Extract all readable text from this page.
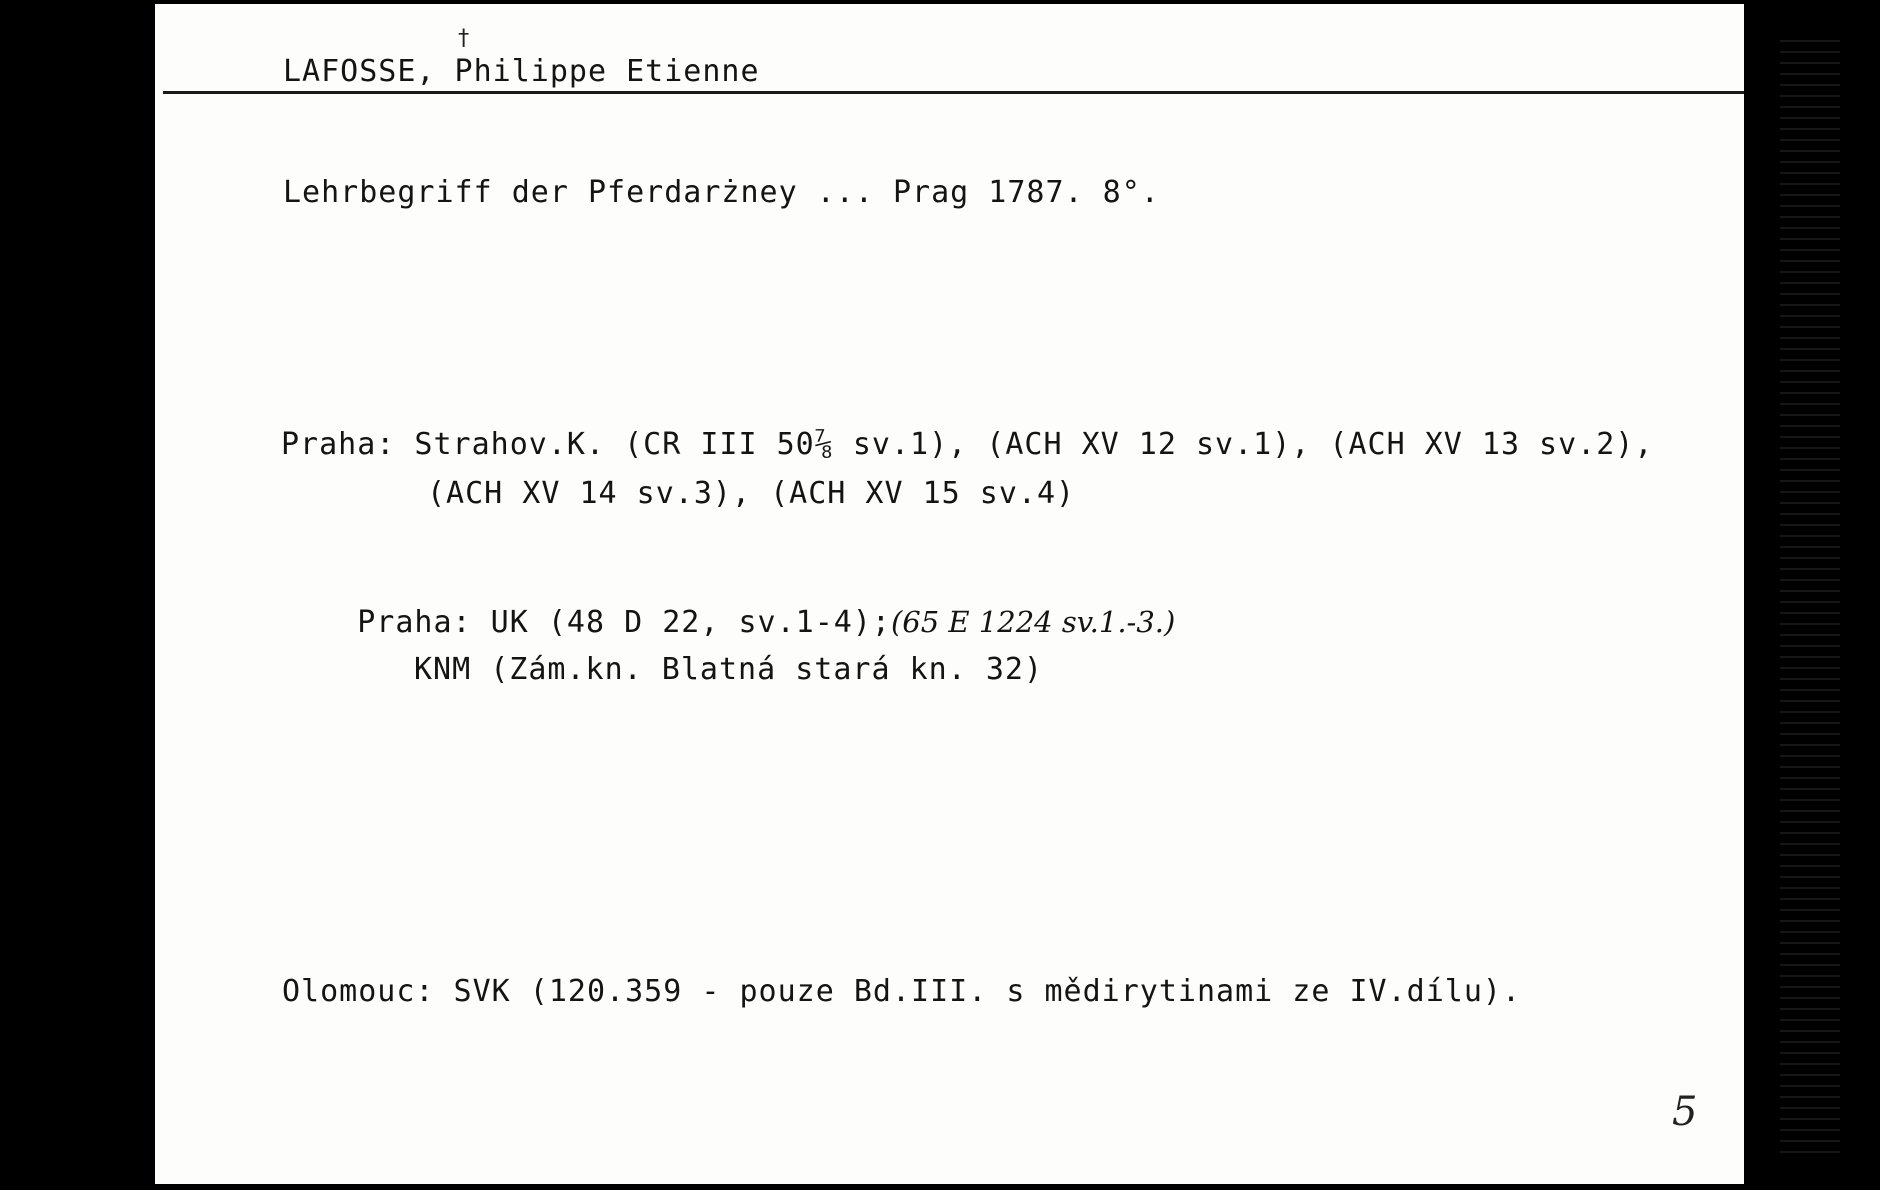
†
LAFOSSE, Philippe Etienne
Lehrbegriff der Pferdarżney ... Prag 1787. 8°.
Praha: Strahov.K. (CR III 50⅞ sv.1), (ACH XV 12 sv.1), (ACH XV 13 sv.2),
(ACH XV 14 sv.3), (ACH XV 15 sv.4)

Praha: UK (48 D 22, sv.1-4);(65 E 1224 sv.1.-3.)

KNM (Zám.kn. Blatná stará kn. 32)
Olomouc: SVK (120.359 - pouze Bd.III. s mědirytinami ze IV.dílu).
5
